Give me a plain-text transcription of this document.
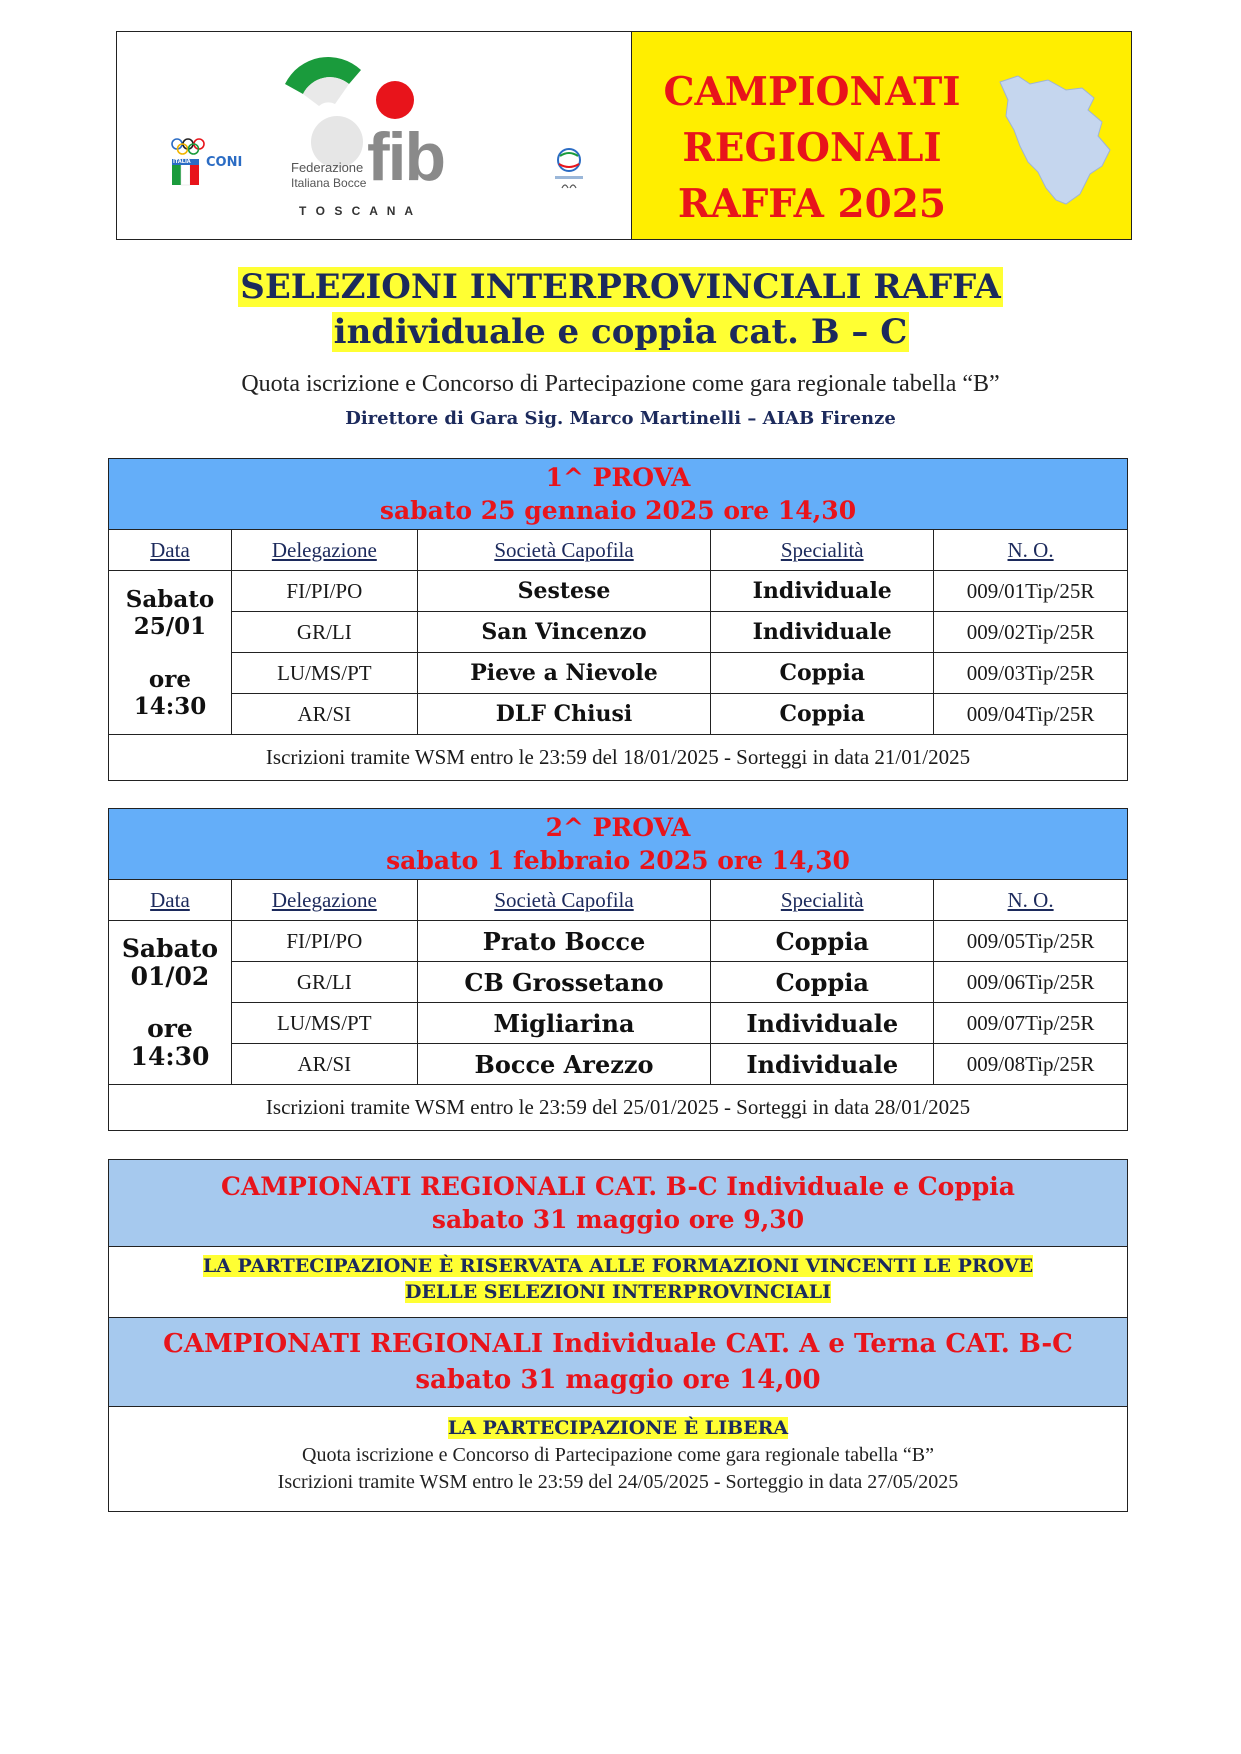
ITALIA CONI fib
Federazione
Italiana Bocce
T O S C A N A
CAMPIONATI
REGIONALI
RAFFA 2025
SELEZIONI INTERPROVINCIALI RAFFA
individuale e coppia cat. B – C
Quota iscrizione e Concorso di Partecipazione come gara regionale tabella “B”
Direttore di Gara Sig. Marco Martinelli – AIAB Firenze
1^ PROVA
sabato 25 gennaio 2025 ore 14,30				

Data	Delegazione	Società Capofila	Specialità	N. O.

Sabato
25/01
ore
14:30	FI/PI/PO	Sestese	Individuale	009/01Tip/25R
	GR/LI	San Vincenzo	Individuale	009/02Tip/25R
	LU/MS/PT	Pieve a Nievole	Coppia	009/03Tip/25R
	AR/SI	DLF Chiusi	Coppia	009/04Tip/25R
Iscrizioni tramite WSM entro le 23:59 del 18/01/2025 - Sorteggi in data 21/01/2025				
2^ PROVA
sabato 1 febbraio 2025 ore 14,30				

Data	Delegazione	Società Capofila	Specialità	N. O.

Sabato
01/02
ore
14:30	FI/PI/PO	Prato Bocce	Coppia	009/05Tip/25R
	GR/LI	CB Grossetano	Coppia	009/06Tip/25R
	LU/MS/PT	Migliarina	Individuale	009/07Tip/25R
	AR/SI	Bocce Arezzo	Individuale	009/08Tip/25R
Iscrizioni tramite WSM entro le 23:59 del 25/01/2025 - Sorteggi in data 28/01/2025				
CAMPIONATI REGIONALI CAT. B-C Individuale e Coppia
sabato 31 maggio ore 9,30
LA PARTECIPAZIONE È RISERVATA ALLE FORMAZIONI VINCENTI LE PROVE
DELLE SELEZIONI INTERPROVINCIALI
CAMPIONATI REGIONALI Individuale CAT. A e Terna CAT. B-C
sabato 31 maggio ore 14,00
LA PARTECIPAZIONE È LIBERA
Quota iscrizione e Concorso di Partecipazione come gara regionale tabella “B”
Iscrizioni tramite WSM entro le 23:59 del 24/05/2025 - Sorteggio in data 27/05/2025
